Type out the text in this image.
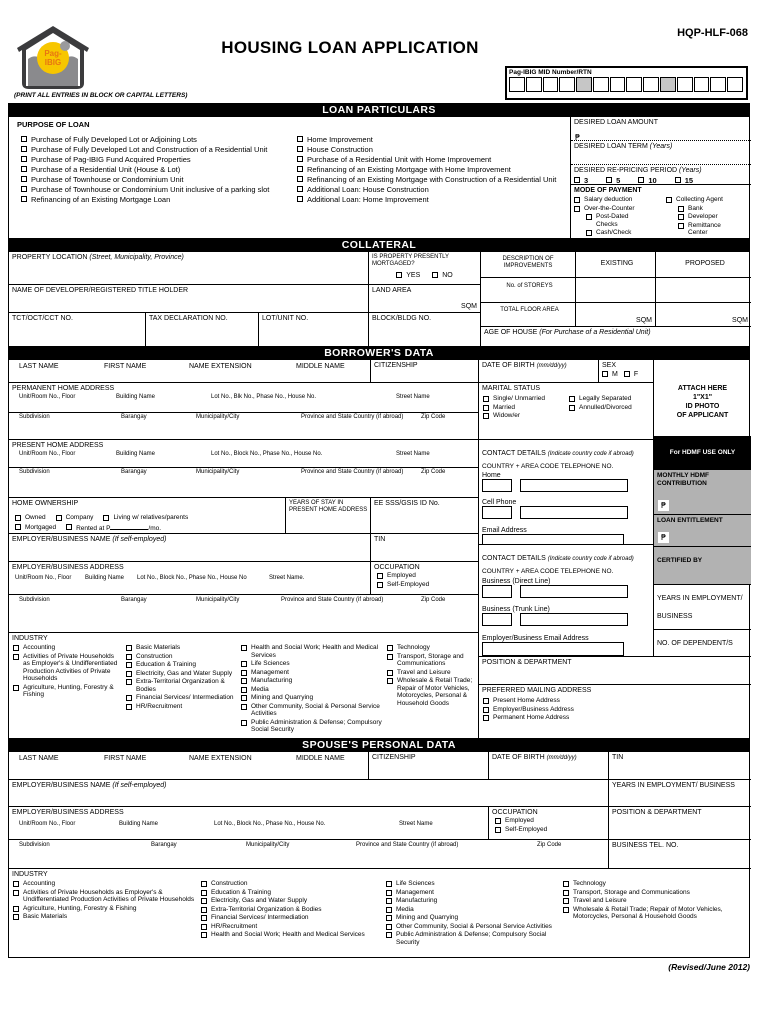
Pag-
IBIG
HOUSING LOAN APPLICATION
HQP-HLF-068
Pag-IBIG MID Number/RTN
(PRINT ALL ENTRIES IN BLOCK OR CAPITAL LETTERS)
LOAN PARTICULARS
PURPOSE OF LOAN
Purchase of Fully Developed Lot or Adjoining Lots
Purchase of Fully Developed Lot and Construction of a Residential Unit
Purchase of Pag-IBIG Fund Acquired Properties
Purchase of a Residential Unit (House & Lot)
Purchase of Townhouse or Condominium Unit
Purchase of Townhouse or Condominium Unit inclusive of a parking slot
Refinancing of an Existing Mortgage Loan
Home Improvement
House Construction
Purchase of a Residential Unit with Home Improvement
Refinancing of an Existing Mortgage with Home Improvement
Refinancing of an Existing Mortgage with Construction of a Residential Unit
Additional Loan: House Construction
Additional Loan: Home Improvement
DESIRED LOAN AMOUNT
₱
DESIRED LOAN TERM (Years)
DESIRED RE-PRICING PERIOD (Years)
3	5	10	15
MODE OF PAYMENT
Salary deduction
Over-the-Counter
Post-Dated Checks
Cash/Check
Collecting Agent
Bank
Developer
Remittance Center
COLLATERAL
PROPERTY LOCATION (Street, Municipality, Province)	IS PROPERTY PRESENTLY MORTGAGED?
YES	NO
DESCRIPTION OF IMPROVEMENTS	EXISTING	PROPOSED
NAME OF DEVELOPER/REGISTERED TITLE HOLDER	LAND AREA
SQM
No. of STOREYS
TOTAL FLOOR AREA
SQM	SQM
TCT/OCT/CCT NO.	TAX DECLARATION NO.	LOT/UNIT NO.	BLOCK/BLDG NO.
AGE OF HOUSE (For Purchase of a Residential Unit)
BORROWER'S DATA
LAST NAME	FIRST NAME	NAME EXTENSION	MIDDLE NAME	CITIZENSHIP	DATE OF BIRTH (mm/dd/yy)	SEX
M F
ATTACH HERE
1"X1"
ID PHOTO
OF APPLICANT
PERMANENT HOME ADDRESS
Unit/Room No., Floor	Building Name	Lot No., Blk No., Phase No., House No.	Street Name
Subdivision	Barangay	Municipality/City	Province and State Country (if abroad)	Zip Code
MARITAL STATUS
Single/ Unmarried	Legally Separated
Married	Annulled/Divorced
Widow/er
PRESENT HOME ADDRESS
Unit/Room No., Floor	Building Name	Lot No., Block No., Phase No., House No.	Street Name
Subdivision	Barangay	Municipality/City	Province and State Country (if abroad)	Zip Code
CONTACT DETAILS (Indicate country code if abroad)
COUNTRY + AREA CODE TELEPHONE NO.
Home

Cell Phone

Email Address
For HDMF USE ONLY
MONTHLY HDMF CONTRIBUTION
₱
LOAN ENTITLEMENT
₱
CERTIFIED BY
YEARS IN EMPLOYMENT/ BUSINESS
NO. OF DEPENDENT/S
HOME OWNERSHIP
Owned	Company	Living w/ relatives/parents
Mortgaged	Rented at P	/mo.
YEARS OF STAY IN PRESENT HOME ADDRESS
EE SSS/GSIS ID No.
EMPLOYER/BUSINESS NAME (If self-employed)	TIN
EMPLOYER/BUSINESS ADDRESS
Unit/Room No., Floor Building Name Lot No., Block No., Phase No., House No	Street Name.
OCCUPATION
Employed
Self-Employed
Subdivision	Barangay	Municipality/City	Province and State Country (if abroad)	Zip Code
CONTACT DETAILS (Indicate country code if abroad)
COUNTRY + AREA CODE TELEPHONE NO.
Business (Direct Line)

Business (Trunk Line)

Employer/Business Email Address
INDUSTRY
Accounting
Activities of Private Households as Employer's & Undifferentiated Production Activities of Private Households
Agriculture, Hunting, Forestry & Fishing
Basic Materials
Construction
Education & Training
Electricity, Gas and Water Supply
Extra-Territorial Organization & Bodies
Financial Services/ Intermediation
HR/Recruitment
Health and Social Work; Health and Medical Services
Life Sciences
Management
Manufacturing
Media
Mining and Quarrying
Other Community, Social & Personal Service Activities
Public Administration & Defense; Compulsory Social Security
Technology
Transport, Storage and Communications
Travel and Leisure
Wholesale & Retail Trade; Repair of Motor Vehicles, Motorcycles, Personal & Household Goods
POSITION & DEPARTMENT
PREFERRED MAILING ADDRESS
Present Home Address
Employer/Business Address
Permanent Home Address
SPOUSE'S PERSONAL DATA
LAST NAME	FIRST NAME	NAME EXTENSION	MIDDLE NAME	CITIZENSHIP	DATE OF BIRTH (mm/dd/yy)	TIN
EMPLOYER/BUSINESS NAME (If self-employed)	YEARS IN EMPLOYMENT/ BUSINESS
EMPLOYER/BUSINESS ADDRESS
Unit/Room No., Floor	Building Name	Lot No., Block No., Phase No., House No.	Street Name
OCCUPATION
Employed
Self-Employed
POSITION & DEPARTMENT
Subdivision	Barangay	Municipality/City	Province and State Country (if abroad)	Zip Code	BUSINESS TEL. NO.
INDUSTRY
Accounting
Activities of Private Households as Employer's & Undifferentiated Production Activities of Private Households
Agriculture, Hunting, Forestry & Fishing
Basic Materials
Construction
Education & Training
Electricity, Gas and Water Supply
Extra-Territorial Organization & Bodies
Financial Services/ Intermediation
HR/Recruitment
Health and Social Work; Health and Medical Services
Life Sciences
Management
Manufacturing
Media
Mining and Quarrying
Other Community, Social & Personal Service Activities
Public Administration & Defense; Compulsory Social Security
Technology
Transport, Storage and Communications
Travel and Leisure
Wholesale & Retail Trade; Repair of Motor Vehicles, Motorcycles, Personal & Household Goods
(Revised/June 2012)
